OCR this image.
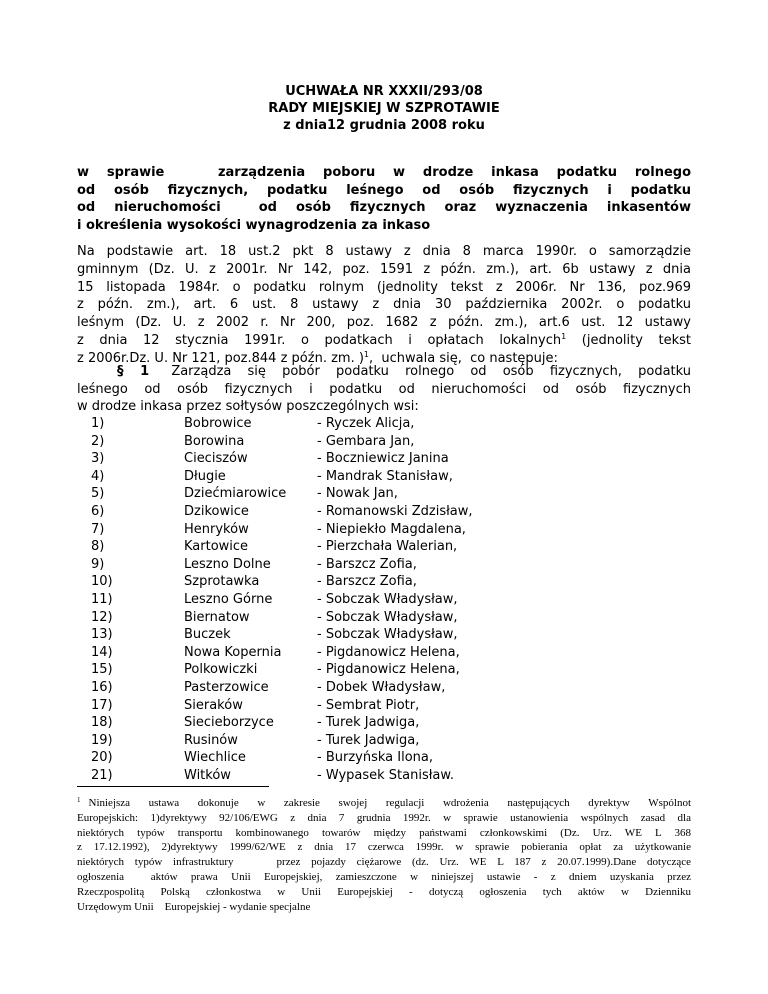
UCHWAŁA NR XXXII/293/08
RADY MIEJSKIEJ W SZPROTAWIE
z dnia12 grudnia 2008 roku
w sprawie   zarządzenia poboru w drodze inkasa podatku rolnego
od osób fizycznych, podatku leśnego od osób fizycznych i podatku
od nieruchomości  od osób fizycznych oraz wyznaczenia inkasentów
i określenia wysokości wynagrodzenia za inkaso
Na podstawie art. 18 ust.2 pkt 8 ustawy z dnia 8 marca 1990r. o samorządzie
gminnym (Dz. U. z 2001r. Nr 142, poz. 1591 z późn. zm.), art. 6b ustawy z dnia
15 listopada 1984r. o podatku rolnym (jednolity tekst z 2006r. Nr 136, poz.969
z późn. zm.), art. 6 ust. 8 ustawy z dnia 30 października 2002r. o podatku
leśnym (Dz. U. z 2002 r. Nr 200, poz. 1682 z późn. zm.), art.6 ust. 12 ustawy
z dnia 12 stycznia 1991r. o podatkach i opłatach lokalnych$^1$ (jednolity tekst
z 2006r.Dz. U. Nr 121, poz.844 z późn. zm. )$^1$,  uchwala się,  co następuje:
§ 1 Zarządza się pobór podatku rolnego od osób fizycznych, podatku
leśnego od osób fizycznych i podatku od nieruchomości od osób fizycznych
w drodze inkasa przez sołtysów poszczególnych wsi:
1)	Bobrowice	- Ryczek Alicja,
2)	Borowina	- Gembara Jan,
3)	Cieciszów	- Boczniewicz Janina
4)	Długie	- Mandrak Stanisław,
5)	Dziećmiarowice - Nowak Jan,
6)	Dzikowice	- Romanowski Zdzisław,
7)	Henryków	- Niepiekło Magdalena,
8)	Kartowice	- Pierzchała Walerian,
9)	Leszno Dolne	- Barszcz Zofia,
10)	Szprotawka	- Barszcz Zofia,
11)	Leszno Górne	- Sobczak Władysław,
12)	Biernatow	- Sobczak Władysław,
13)	Buczek	- Sobczak Władysław,
14)	Nowa Kopernia	- Pigdanowicz Helena,
15)	Polkowiczki	- Pigdanowicz Helena,
16)	Pasterzowice	- Dobek Władysław,
17)	Sieraków	- Sembrat Piotr,
18)	Siecieborzyce	- Turek Jadwiga,
19)	Rusinów	- Turek Jadwiga,
20)	Wiechlice	- Burzyńska Ilona,
21)	Witków	- Wypasek Stanisław.
$^1$ Niniejsza ustawa dokonuje w zakresie swojej regulacji wdrożenia następujących dyrektyw Wspólnot
Europejskich: 1)dyrektywy 92/106/EWG z dnia 7 grudnia 1992r. w sprawie ustanowienia wspólnych zasad dla
niektórych typów transportu kombinowanego towarów między państwami członkowskimi (Dz. Urz. WE L 368
z 17.12.1992), 2)dyrektywy 1999/62/WE z dnia 17 czerwca 1999r. w sprawie pobierania opłat za użytkowanie
niektórych typów infrastruktury    przez pojazdy ciężarowe (dz. Urz. WE L 187 z 20.07.1999).Dane dotyczące
ogłoszenia  aktów prawa Unii Europejskiej, zamieszczone w niniejszej ustawie - z dniem uzyskania przez
Rzeczpospolitą Polską członkostwa w Unii Europejskiej - dotyczą ogłoszenia tych aktów w Dzienniku
Urzędowym Unii    Europejskiej - wydanie specjalne
